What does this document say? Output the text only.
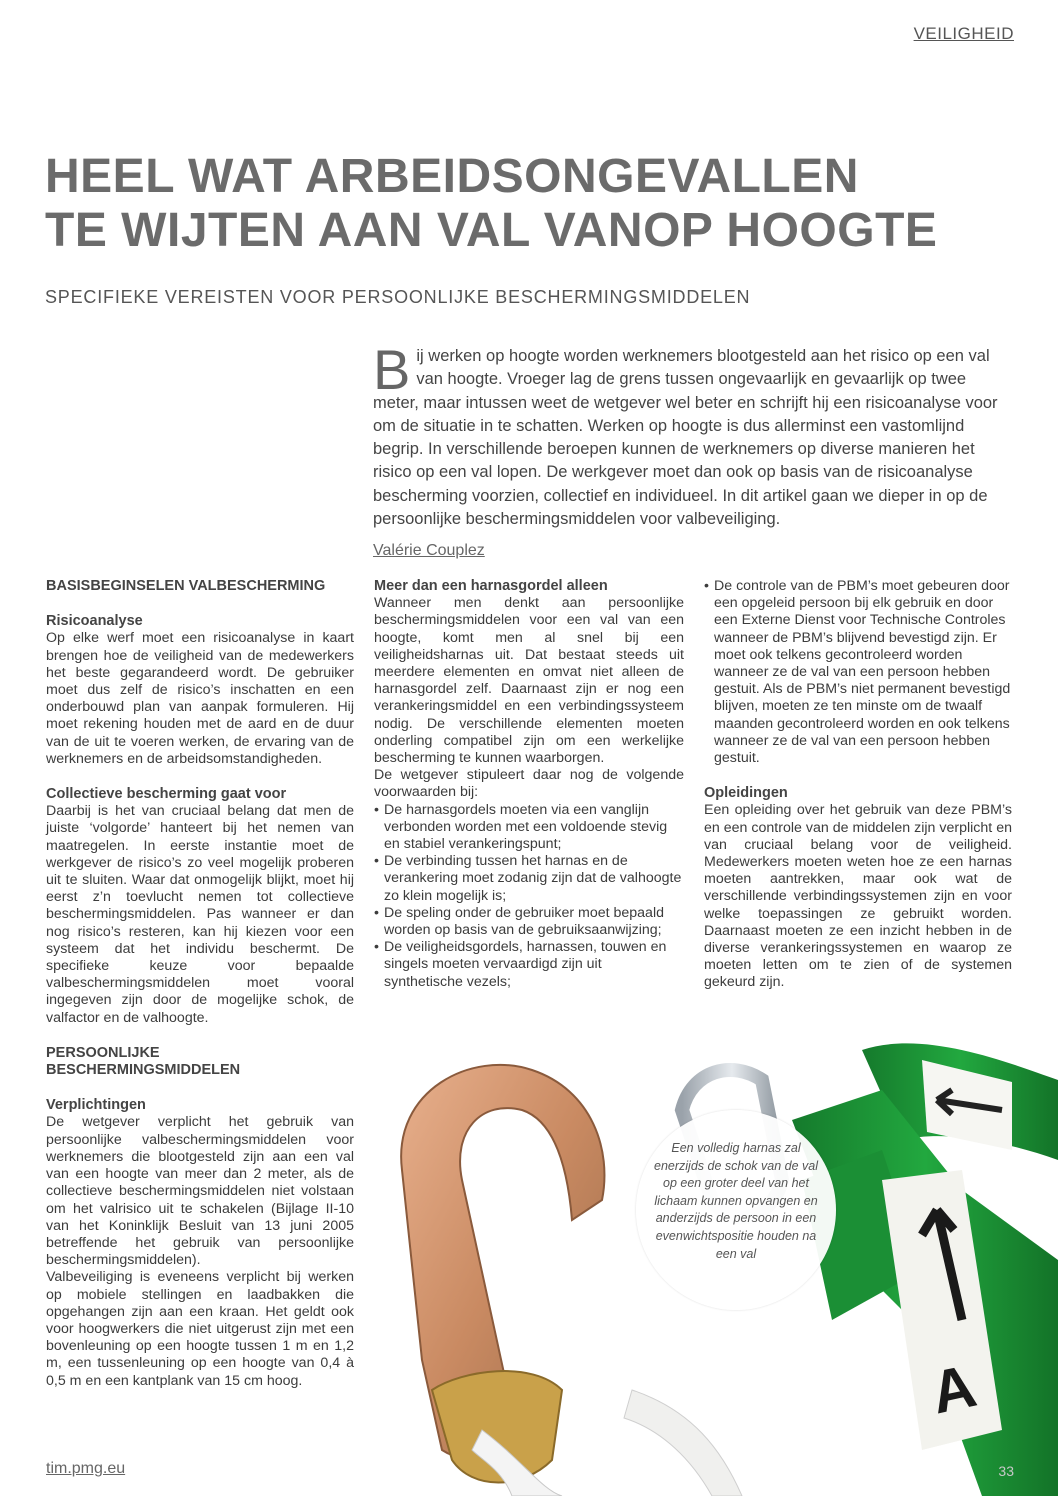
VEILIGHEID
HEEL WAT ARBEIDSONGEVALLEN
TE WIJTEN AAN VAL VANOP HOOGTE
SPECIFIEKE VEREISTEN VOOR PERSOONLIJKE BESCHERMINGSMIDDELEN
Bij werken op hoogte worden werknemers blootgesteld aan het risico op een val van hoogte. Vroeger lag de grens tussen ongevaarlijk en gevaarlijk op twee meter, maar intussen weet de wetgever wel beter en schrijft hij een risicoanalyse voor om de situatie in te schatten. Werken op hoogte is dus allerminst een vastomlijnd begrip. In verschillende beroepen kunnen de werknemers op diverse manieren het risico op een val lopen. De werkgever moet dan ook op basis van de risicoanalyse bescherming voorzien, collectief en individueel. In dit artikel gaan we dieper in op de persoonlijke beschermingsmiddelen voor valbeveiliging.
Valérie Couplez
BASISBEGINSELEN VALBESCHERMING
Risicoanalyse

Op elke werf moet een risicoanalyse in kaart brengen hoe de veiligheid van de medewerkers het beste gegarandeerd wordt. De gebruiker moet dus zelf de risico’s inschatten en een onderbouwd plan van aanpak formuleren. Hij moet rekening houden met de aard en de duur van de uit te voeren werken, de ervaring van de werknemers en de arbeidsomstandigheden.

Collectieve bescherming gaat voor

Daarbij is het van cruciaal belang dat men de juiste ‘volgorde’ hanteert bij het nemen van maatregelen. In eerste instantie moet de werkgever de risico’s zo veel mogelijk proberen uit te sluiten. Waar dat onmogelijk blijkt, moet hij eerst z’n toevlucht nemen tot collectieve beschermingsmiddelen. Pas wanneer er dan nog risico’s resteren, kan hij kiezen voor een systeem dat het individu beschermt. De specifieke keuze voor bepaalde valbeschermingsmiddelen moet vooral ingegeven zijn door de mogelijke schok, de valfactor en de valhoogte.

PERSOONLIJKE BESCHERMINGSMIDDELEN
Verplichtingen

De wetgever verplicht het gebruik van persoonlijke valbeschermingsmiddelen voor werknemers die blootgesteld zijn aan een val van een hoogte van meer dan 2 meter, als de collectieve beschermingsmiddelen niet volstaan om het valrisico uit te schakelen (Bijlage II-10 van het Koninklijk Besluit van 13 juni 2005 betreffende het gebruik van persoonlijke beschermingsmiddelen).

Valbeveiliging is eveneens verplicht bij werken op mobiele stellingen en laadbakken die opgehangen zijn aan een kraan. Het geldt ook voor hoogwerkers die niet uitgerust zijn met een bovenleuning op een hoogte tussen 1 m en 1,2 m, een tussenleuning op een hoogte van 0,4 à 0,5 m en een kantplank van 15 cm hoog.

Meer dan een harnasgordel alleen

Wanneer men denkt aan persoonlijke beschermingsmiddelen voor een val van een hoogte, komt men al snel bij een veiligheidsharnas uit. Dat bestaat steeds uit meerdere elementen en omvat niet alleen de harnasgordel zelf. Daarnaast zijn er nog een verankeringsmiddel en een verbindingssysteem nodig. De verschillende elementen moeten onderling compatibel zijn om een werkelijke bescherming te kunnen waarborgen.

De wetgever stipuleert daar nog de volgende voorwaarden bij:

• De harnasgordels moeten via een vanglijn verbonden worden met een voldoende stevig en stabiel verankeringspunt;
• De verbinding tussen het harnas en de verankering moet zodanig zijn dat de valhoogte zo klein mogelijk is;
• De speling onder de gebruiker moet bepaald worden op basis van de gebruiksaanwijzing;
• De veiligheidsgordels, harnassen, touwen en singels moeten vervaardigd zijn uit synthetische vezels;
• De controle van de PBM’s moet gebeuren door een opgeleid persoon bij elk gebruik en door een Externe Dienst voor Technische Controles wanneer de PBM’s blijvend bevestigd zijn. Er moet ook telkens gecontroleerd worden wanneer ze de val van een persoon hebben gestuit. Als de PBM’s niet permanent bevestigd blijven, moeten ze ten minste om de twaalf maanden gecontroleerd worden en ook telkens wanneer ze de val van een persoon hebben gestuit.
Opleidingen

Een opleiding over het gebruik van deze PBM’s en een controle van de middelen zijn verplicht en van cruciaal belang voor de veiligheid. Medewerkers moeten weten hoe ze een harnas moeten aantrekken, maar ook wat de verschillende verbindingssystemen zijn en voor welke toepassingen ze gebruikt worden. Daarnaast moeten ze een inzicht hebben in de diverse verankeringssystemen en waarop ze moeten letten om te zien of de systemen gekeurd zijn.

A

Een volledig harnas zal enerzijds de schok van de val op een groter deel van het lichaam kunnen opvangen en anderzijds de persoon in een evenwichtspositie houden na een val

tim.pmg.eu	33
